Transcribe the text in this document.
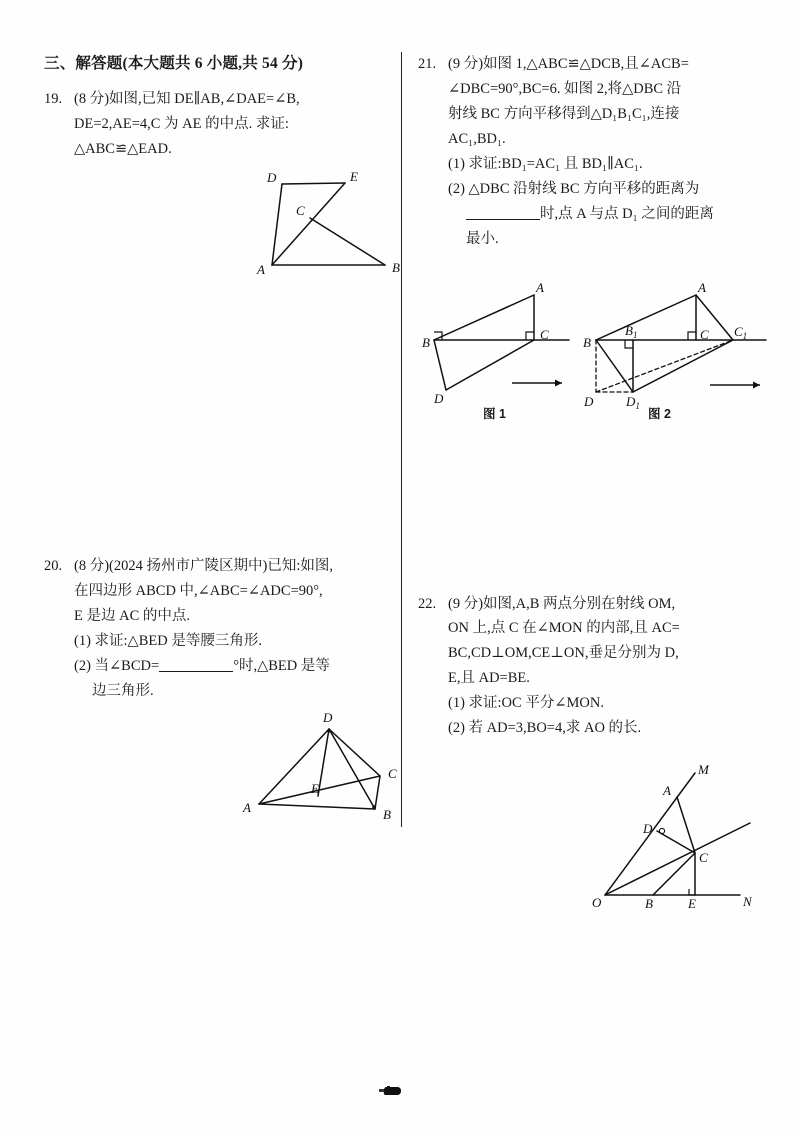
三、解答题(本大题共 6 小题,共 54 分)
19. (8 分)如图,已知 DE∥AB,∠DAE=∠B,
DE=2,AE=4,C 为 AE 的中点. 求证:
△ABC≌△EAD.
20. (8 分)(2024 扬州市广陵区期中)已知:如图,
在四边形 ABCD 中,∠ABC=∠ADC=90°,
E 是边 AC 的中点.
(1) 求证:△BED 是等腰三角形.
(2) 当∠BCD=	°时,△BED 是等
边三角形.
21. (9 分)如图 1,△ABC≌△DCB,且∠ACB=
∠DBC=90°,BC=6. 如图 2,将△DBC 沿
射线 BC 方向平移得到△D₁B₁C₁,连接
AC₁,BD₁.
(1) 求证:BD₁=AC₁ 且 BD₁∥AC₁.
(2) △DBC 沿射线 BC 方向平移的距离为
时,点 A 与点 D₁ 之间的距离
最小.
22. (9 分)如图,A,B 两点分别在射线 OM,
ON 上,点 C 在∠MON 的内部,且 AC=
BC,CD⊥OM,CE⊥ON,垂足分别为 D,
E,且 AD=BE.
(1) 求证:OC 平分∠MON.
(2) 若 AD=3,BO=4,求 AO 的长.
D	E
A	B
C
D
C
A	B
E
B
C
A
D
图 1
B
$B_1$	C $C_1$
A
D	$D_1$
图 2
O
M
N
A
B
C
D
E
